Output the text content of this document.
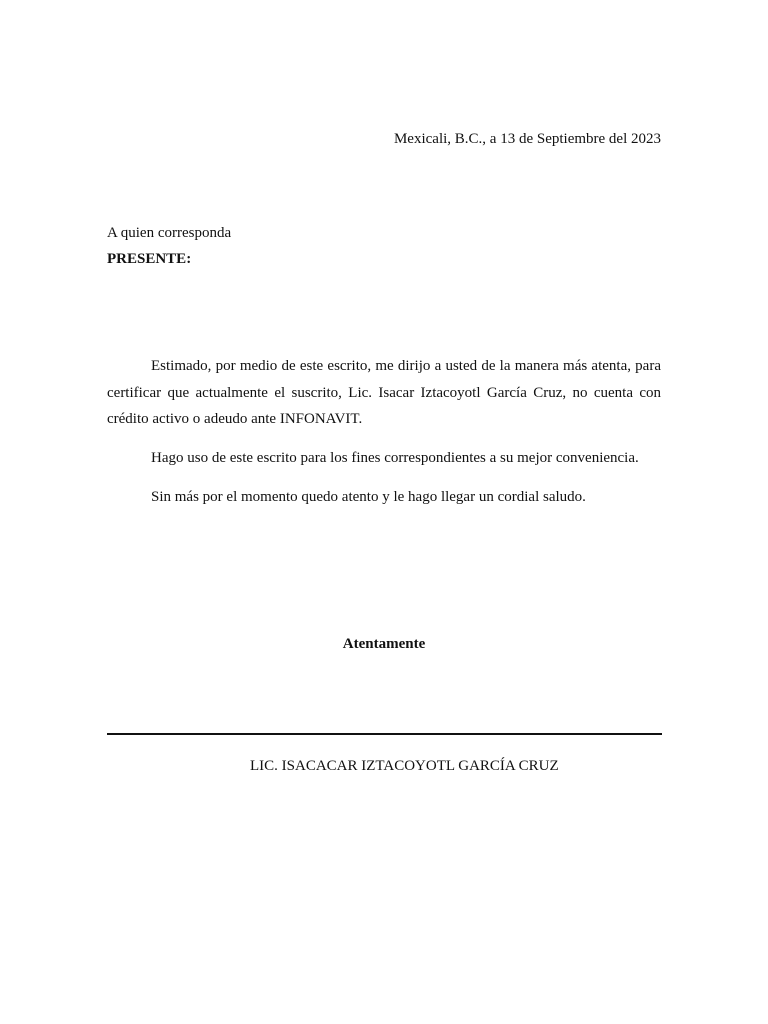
Mexicali, B.C., a 13 de Septiembre del 2023
A quien corresponda
PRESENTE:

Estimado, por medio de este escrito, me dirijo a usted de la manera más atenta, para certificar que actualmente el suscrito, Lic. Isacar Iztacoyotl García Cruz, no cuenta con crédito activo o adeudo ante INFONAVIT.

Hago uso de este escrito para los fines correspondientes a su mejor conveniencia.

Sin más por el momento quedo atento y le hago llegar un cordial saludo.

Atentamente
LIC. ISACACAR IZTACOYOTL GARCÍA CRUZ
